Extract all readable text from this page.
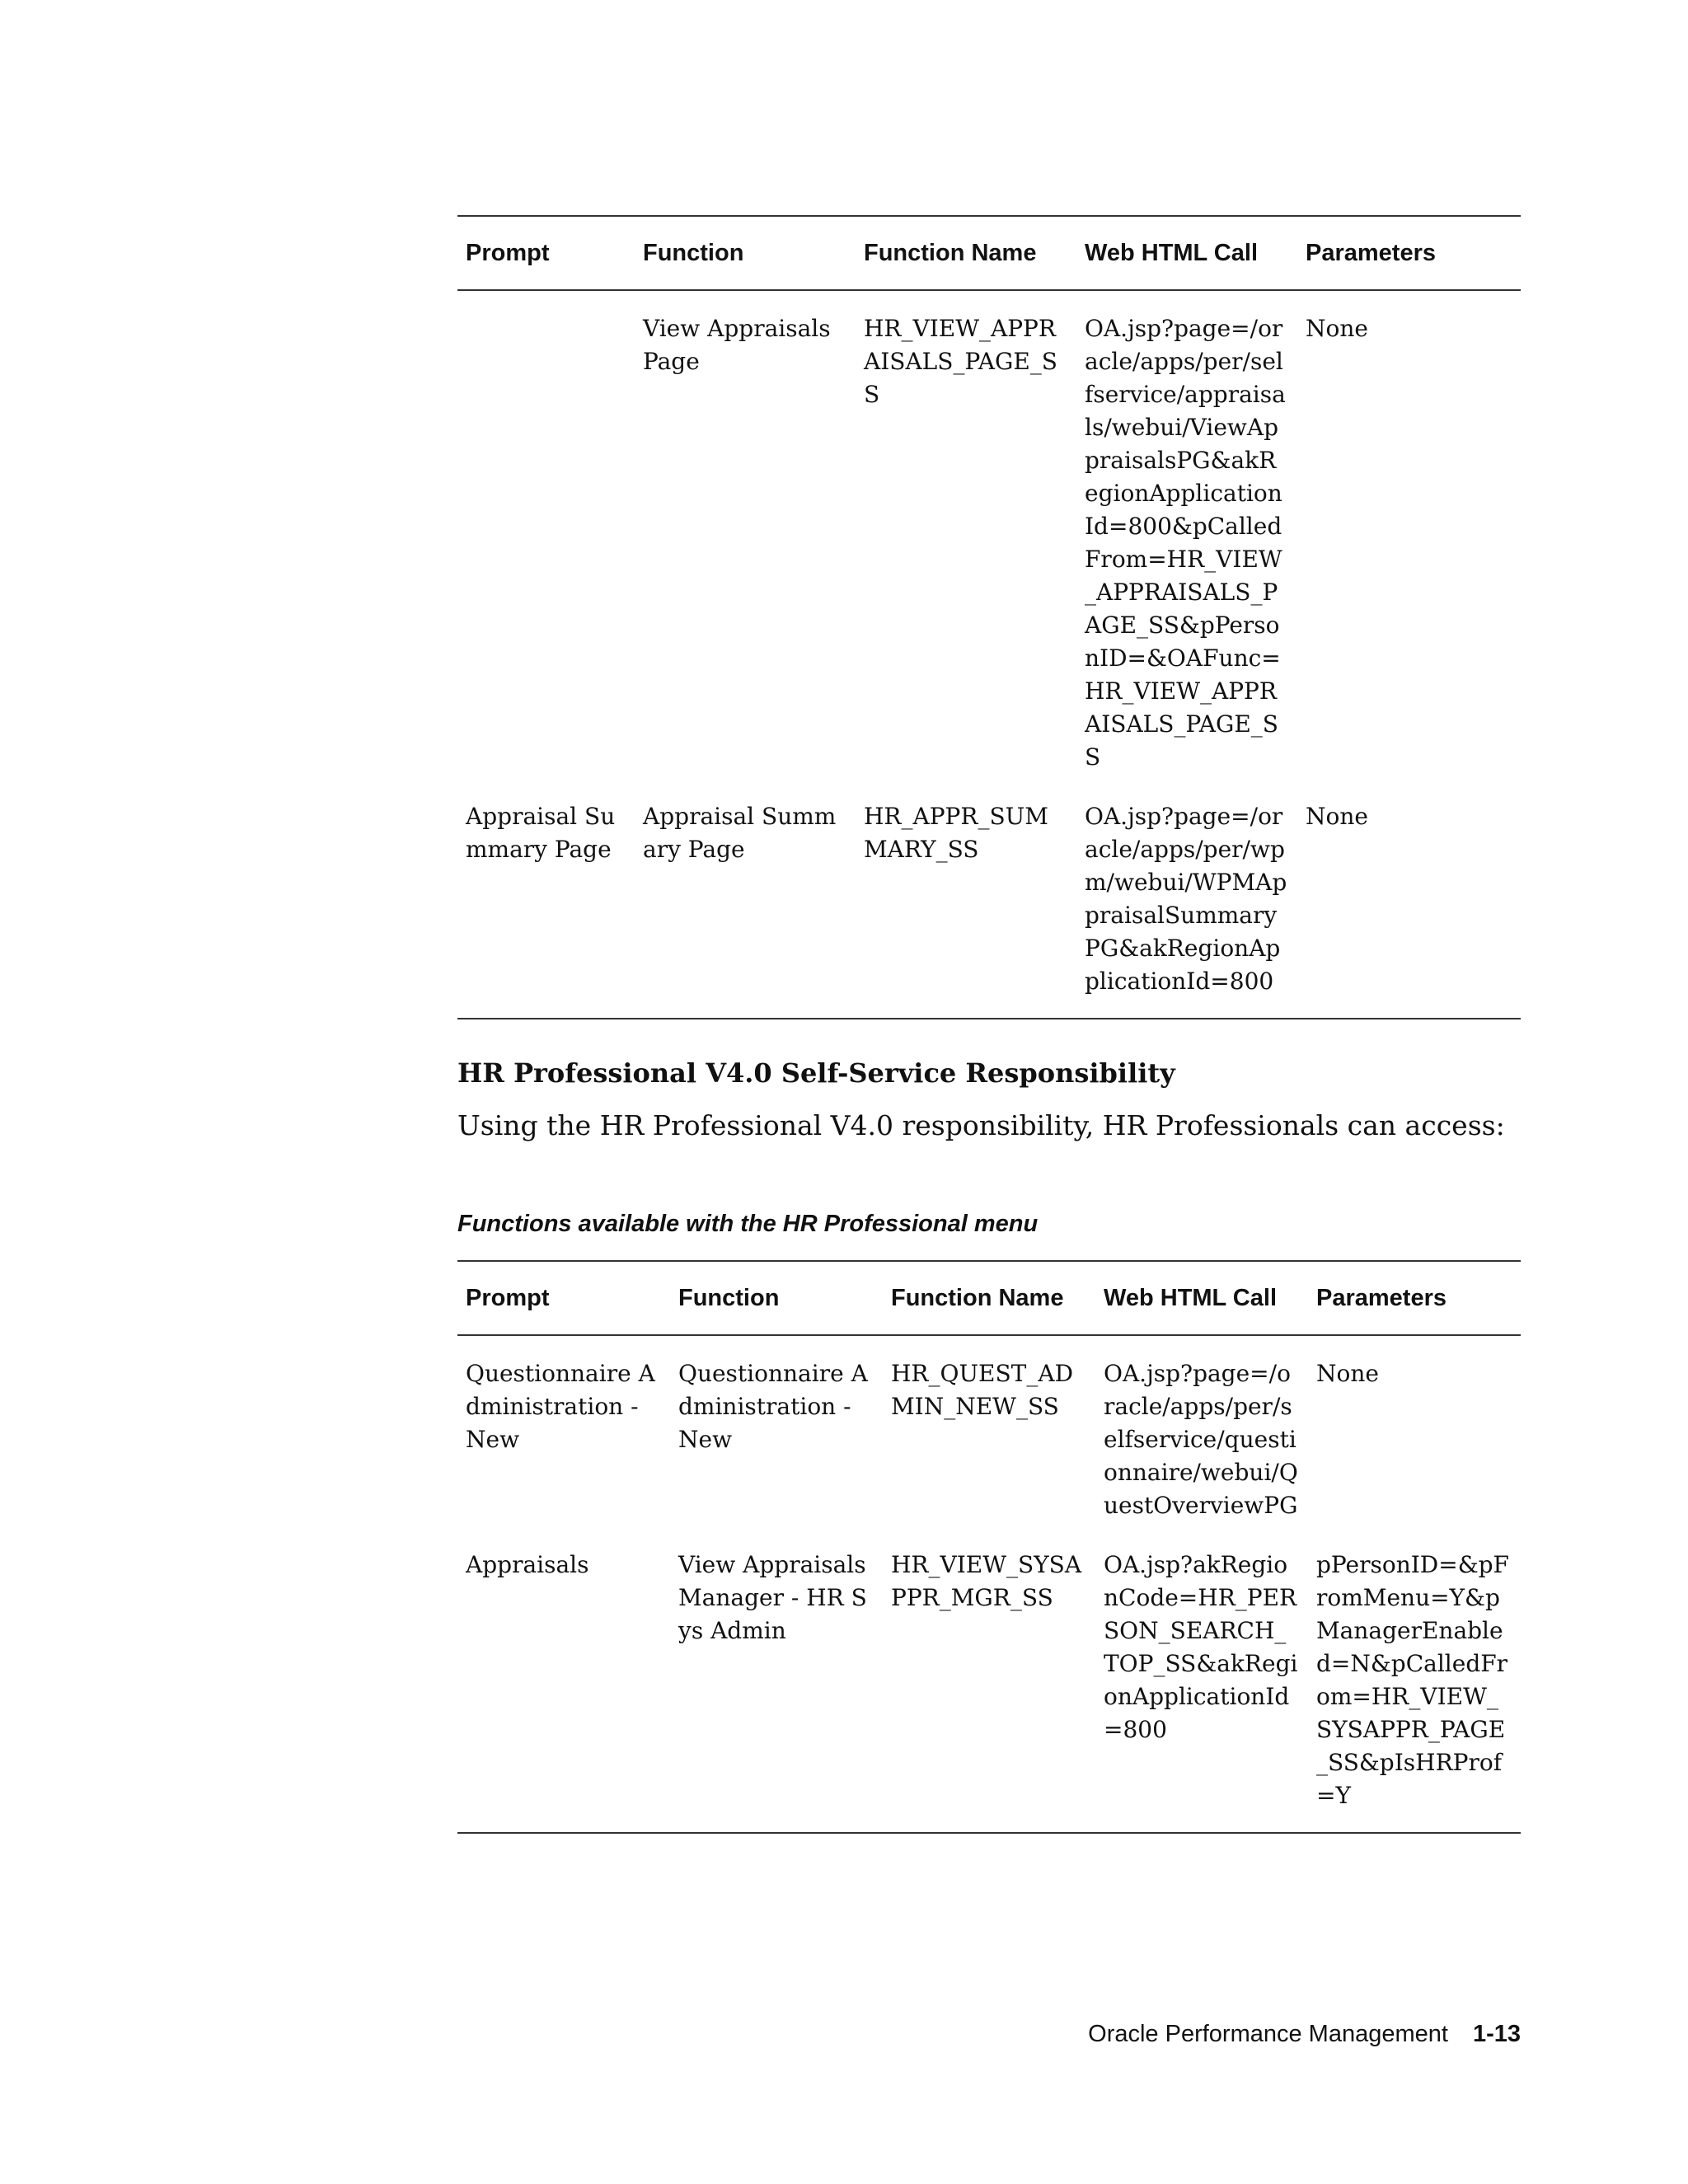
Prompt	Function	Function Name	Web HTML Call	Parameters
	View Appraisals Page	HR_VIEW_APPRAISALS_PAGE_SS	OA.jsp?page=/oracle/apps/per/selfservice/appraisals/webui/ViewAppraisalsPG&akRegionApplicationId=800&pCalledFrom=HR_VIEW_APPRAISALS_PAGE_SS&pPersonID=&OAFunc=HR_VIEW_APPRAISALS_PAGE_SS	None
Appraisal Summary Page	Appraisal Summary Page	HR_APPR_SUMMARY_SS	OA.jsp?page=/oracle/apps/per/wpm/webui/WPMAppraisalSummaryPG&akRegionApplicationId=800	None
HR Professional V4.0 Self-Service Responsibility

Using the HR Professional V4.0 responsibility, HR Professionals can access:

Functions available with the HR Professional menu

Prompt	Function	Function Name	Web HTML Call	Parameters
Questionnaire Administration - New	Questionnaire Administration - New	HR_QUEST_ADMIN_NEW_SS	OA.jsp?page=/oracle/apps/per/selfservice/questionnaire/webui/QuestOverviewPG	None
Appraisals	View Appraisals Manager - HR Sys Admin	HR_VIEW_SYSAPPR_MGR_SS	OA.jsp?akRegionCode=HR_PERSON_SEARCH_TOP_SS&akRegionApplicationId=800	pPersonID=&pFromMenu=Y&pManagerEnabled=N&pCalledFrom=HR_VIEW_SYSAPPR_PAGE_SS&pIsHRProf=Y
Oracle Performance Management 1-13
